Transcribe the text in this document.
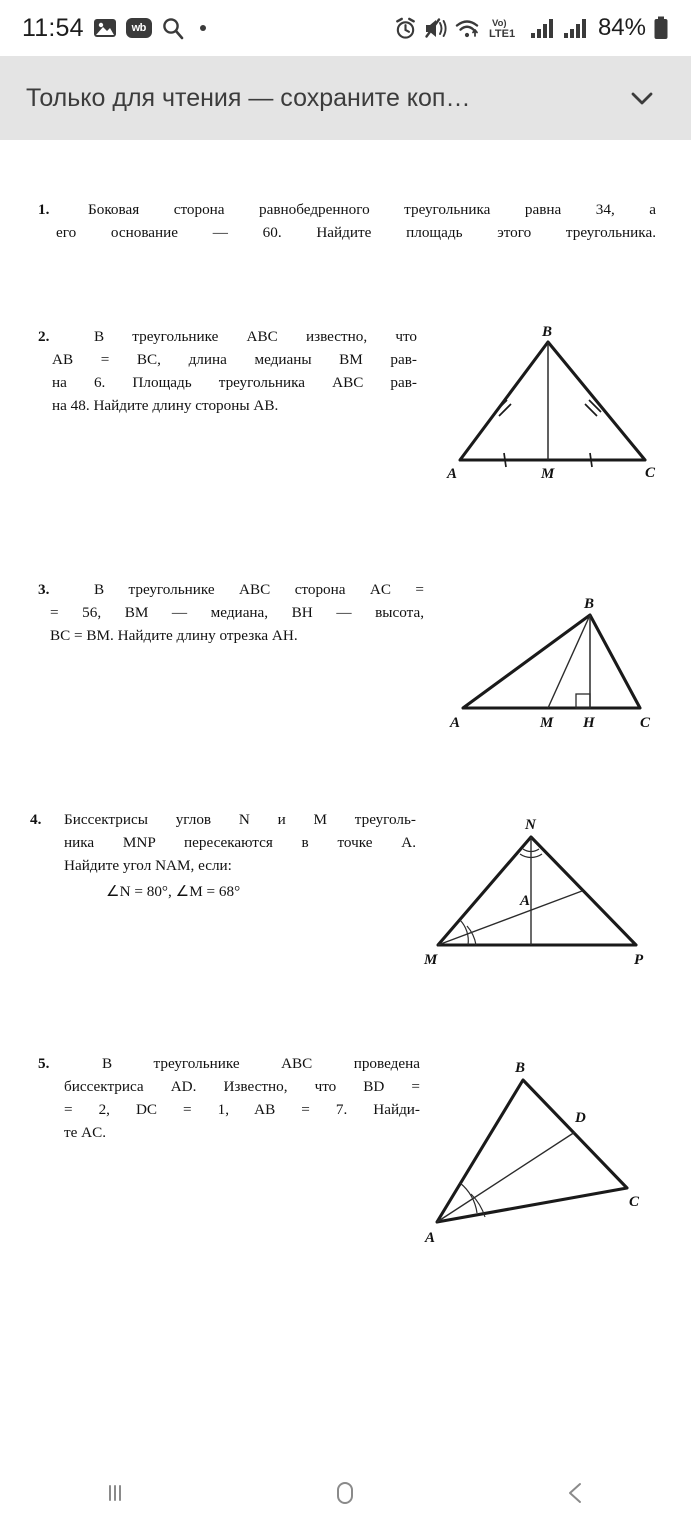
11:54	wb	Vo)
LTE1	84%
Только для чтения — сохраните коп…
1.	Боковая сторона равнобедренного треугольника равна 34, а
его основание — 60. Найдите площадь этого треугольника.
2.	В треугольнике ABC известно, что
AB = BC, длина медианы BM рав-
на 6. Площадь треугольника ABC рав-
на 48. Найдите длину стороны AB.
B
A	M	C
3.	В треугольнике ABC сторона AC =
= 56, BM — медиана, BH — высота,
BC = BM. Найдите длину отрезка AH.
B
A	M H	C
4.	Биссектрисы углов N и M треуголь-
ника MNP пересекаются в точке A.
Найдите угол NAM, если:
∠N = 80°, ∠M = 68°
N
A
M	P
5.	В треугольнике ABC проведена
биссектриса AD. Известно, что BD =
= 2, DC = 1, AB = 7. Найди-
те AC.
B
D
C
A
